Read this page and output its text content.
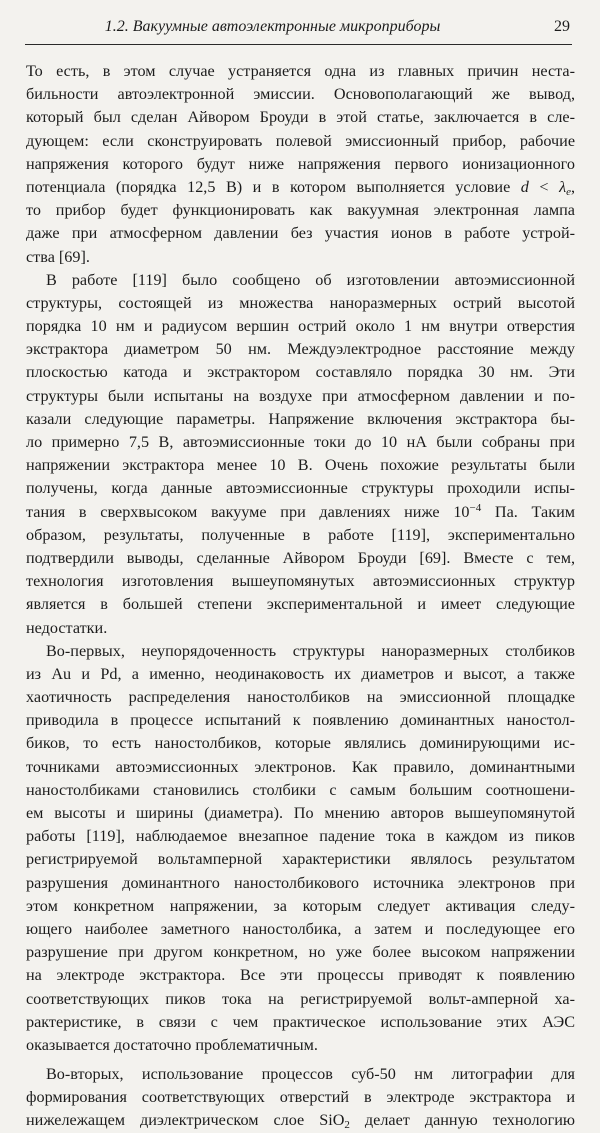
1.2. Вакуумные автоэлектронные микроприборы	29
То есть, в этом случае устраняется одна из главных причин неста-
бильности автоэлектронной эмиссии. Основополагающий же вывод,
который был сделан Айвором Броуди в этой статье, заключается в сле-
дующем: если сконструировать полевой эмиссионный прибор, рабочие
напряжения которого будут ниже напряжения первого ионизационного
потенциала (порядка 12,5 В) и в котором выполняется условие $d < \lambda_e$,
то прибор будет функционировать как вакуумная электронная лампа
даже при атмосферном давлении без участия ионов в работе устрой-
ства [69].
В работе [119] было сообщено об изготовлении автоэмиссионной
структуры, состоящей из множества наноразмерных острий высотой
порядка 10 нм и радиусом вершин острий около 1 нм внутри отверстия
экстрактора диаметром 50 нм. Междуэлектродное расстояние между
плоскостью катода и экстрактором составляло порядка 30 нм. Эти
структуры были испытаны на воздухе при атмосферном давлении и по-
казали следующие параметры. Напряжение включения экстрактора бы-
ло примерно 7,5 В, автоэмиссионные токи до 10 нА были собраны при
напряжении экстрактора менее 10 В. Очень похожие результаты были
получены, когда данные автоэмиссионные структуры проходили испы-
тания в сверхвысоком вакууме при давлениях ниже $10^{-4}$ Па. Таким
образом, результаты, полученные в работе [119], экспериментально
подтвердили выводы, сделанные Айвором Броуди [69]. Вместе с тем,
технология изготовления вышеупомянутых автоэмиссионных структур
является в большей степени экспериментальной и имеет следующие
недостатки.
Во-первых, неупорядоченность структуры наноразмерных столбиков
из Au и Pd, а именно, неодинаковость их диаметров и высот, а также
хаотичность распределения наностолбиков на эмиссионной площадке
приводила в процессе испытаний к появлению доминантных наностол-
биков, то есть наностолбиков, которые являлись доминирующими ис-
точниками автоэмиссионных электронов. Как правило, доминантными
наностолбиками становились столбики с самым большим соотношени-
ем высоты и ширины (диаметра). По мнению авторов вышеупомянутой
работы [119], наблюдаемое внезапное падение тока в каждом из пиков
регистрируемой вольтамперной характеристики являлось результатом
разрушения доминантного наностолбикового источника электронов при
этом конкретном напряжении, за которым следует активация следу-
ющего наиболее заметного наностолбика, а затем и последующее его
разрушение при другом конкретном, но уже более высоком напряжении
на электроде экстрактора. Все эти процессы приводят к появлению
соответствующих пиков тока на регистрируемой вольт-амперной ха-
рактеристике, в связи с чем практическое использование этих АЭС
оказывается достаточно проблематичным.
Во-вторых, использование процессов суб-50 нм литографии для
формирования соответствующих отверстий в электроде экстрактора и
нижележащем диэлектрическом слое SiO$_2$ делает данную технологию
